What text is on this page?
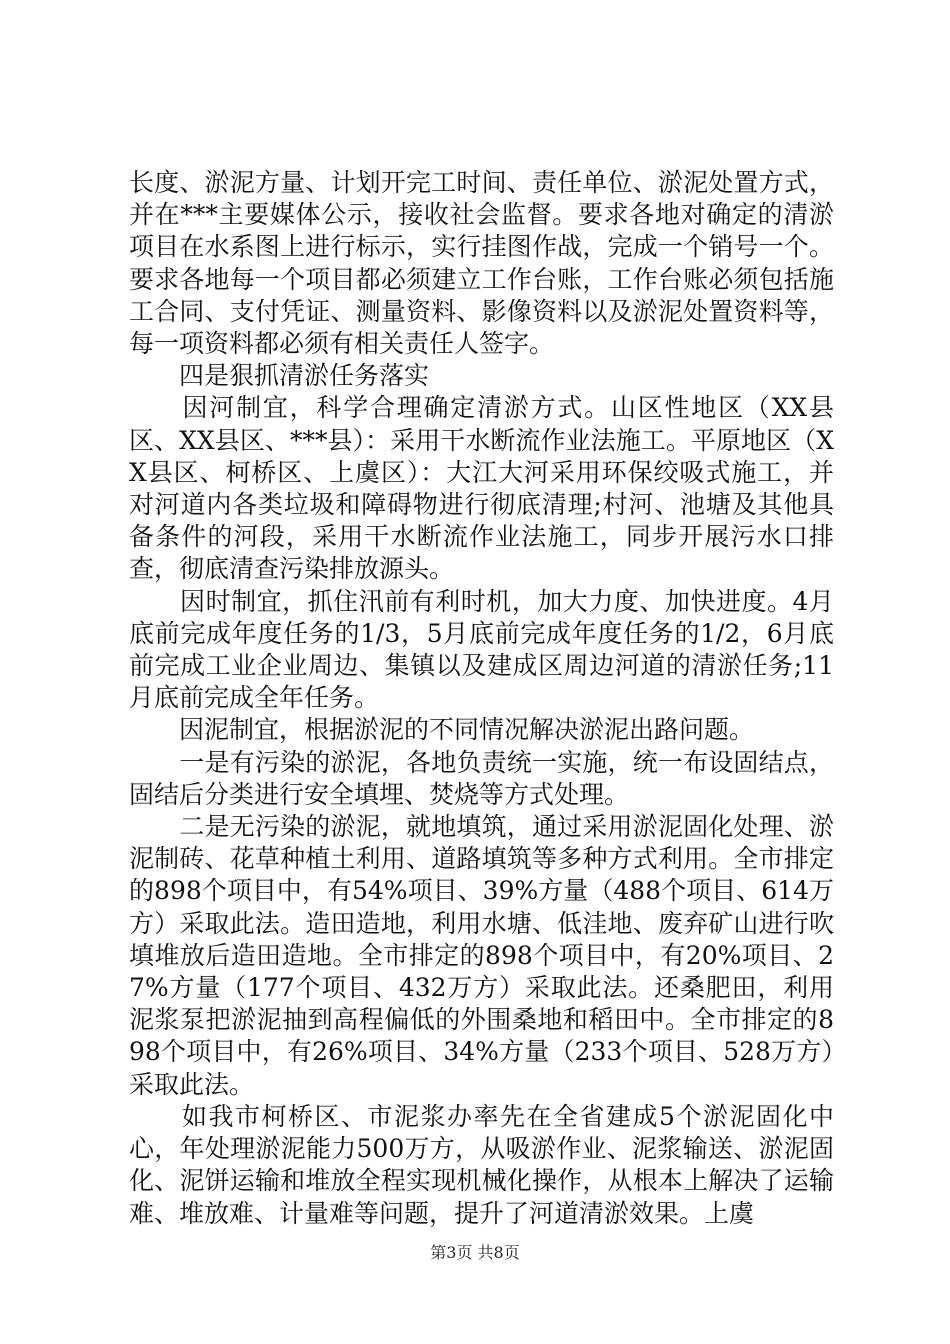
长度、淤泥方量、计划开完工时间、责任单位、淤泥处置方式，并在***主要媒体公示，接收社会监督。要求各地对确定的清淤项目在水系图上进行标示，实行挂图作战，完成一个销号一个。要求各地每一个项目都必须建立工作台账，工作台账必须包括施工合同、支付凭证、测量资料、影像资料以及淤泥处置资料等，每一项资料都必须有相关责任人签字。

　　四是狠抓清淤任务落实

　　因河制宜，科学合理确定清淤方式。山区性地区（XX县区、XX县区、***县）：采用干水断流作业法施工。平原地区（XX县区、柯桥区、上虞区）：大江大河采用环保绞吸式施工，并对河道内各类垃圾和障碍物进行彻底清理;村河、池塘及其他具备条件的河段，采用干水断流作业法施工，同步开展污水口排查，彻底清查污染排放源头。

　　因时制宜，抓住汛前有利时机，加大力度、加快进度。4月底前完成年度任务的1/3，5月底前完成年度任务的1/2，6月底前完成工业企业周边、集镇以及建成区周边河道的清淤任务;11月底前完成全年任务。

　　因泥制宜，根据淤泥的不同情况解决淤泥出路问题。

　　一是有污染的淤泥，各地负责统一实施，统一布设固结点，固结后分类进行安全填埋、焚烧等方式处理。

　　二是无污染的淤泥，就地填筑，通过采用淤泥固化处理、淤泥制砖、花草种植土利用、道路填筑等多种方式利用。全市排定的898个项目中，有54%项目、39%方量（488个项目、614万方）采取此法。造田造地，利用水塘、低洼地、废弃矿山进行吹填堆放后造田造地。全市排定的898个项目中，有20%项目、27%方量（177个项目、432万方）采取此法。还桑肥田，利用泥浆泵把淤泥抽到高程偏低的外围桑地和稻田中。全市排定的898个项目中，有26%项目、34%方量（233个项目、528万方）采取此法。

　　如我市柯桥区、市泥浆办率先在全省建成5个淤泥固化中心，年处理淤泥能力500万方，从吸淤作业、泥浆输送、淤泥固化、泥饼运输和堆放全程实现机械化操作，从根本上解决了运输难、堆放难、计量难等问题，提升了河道清淤效果。上虞

第3页 共8页
